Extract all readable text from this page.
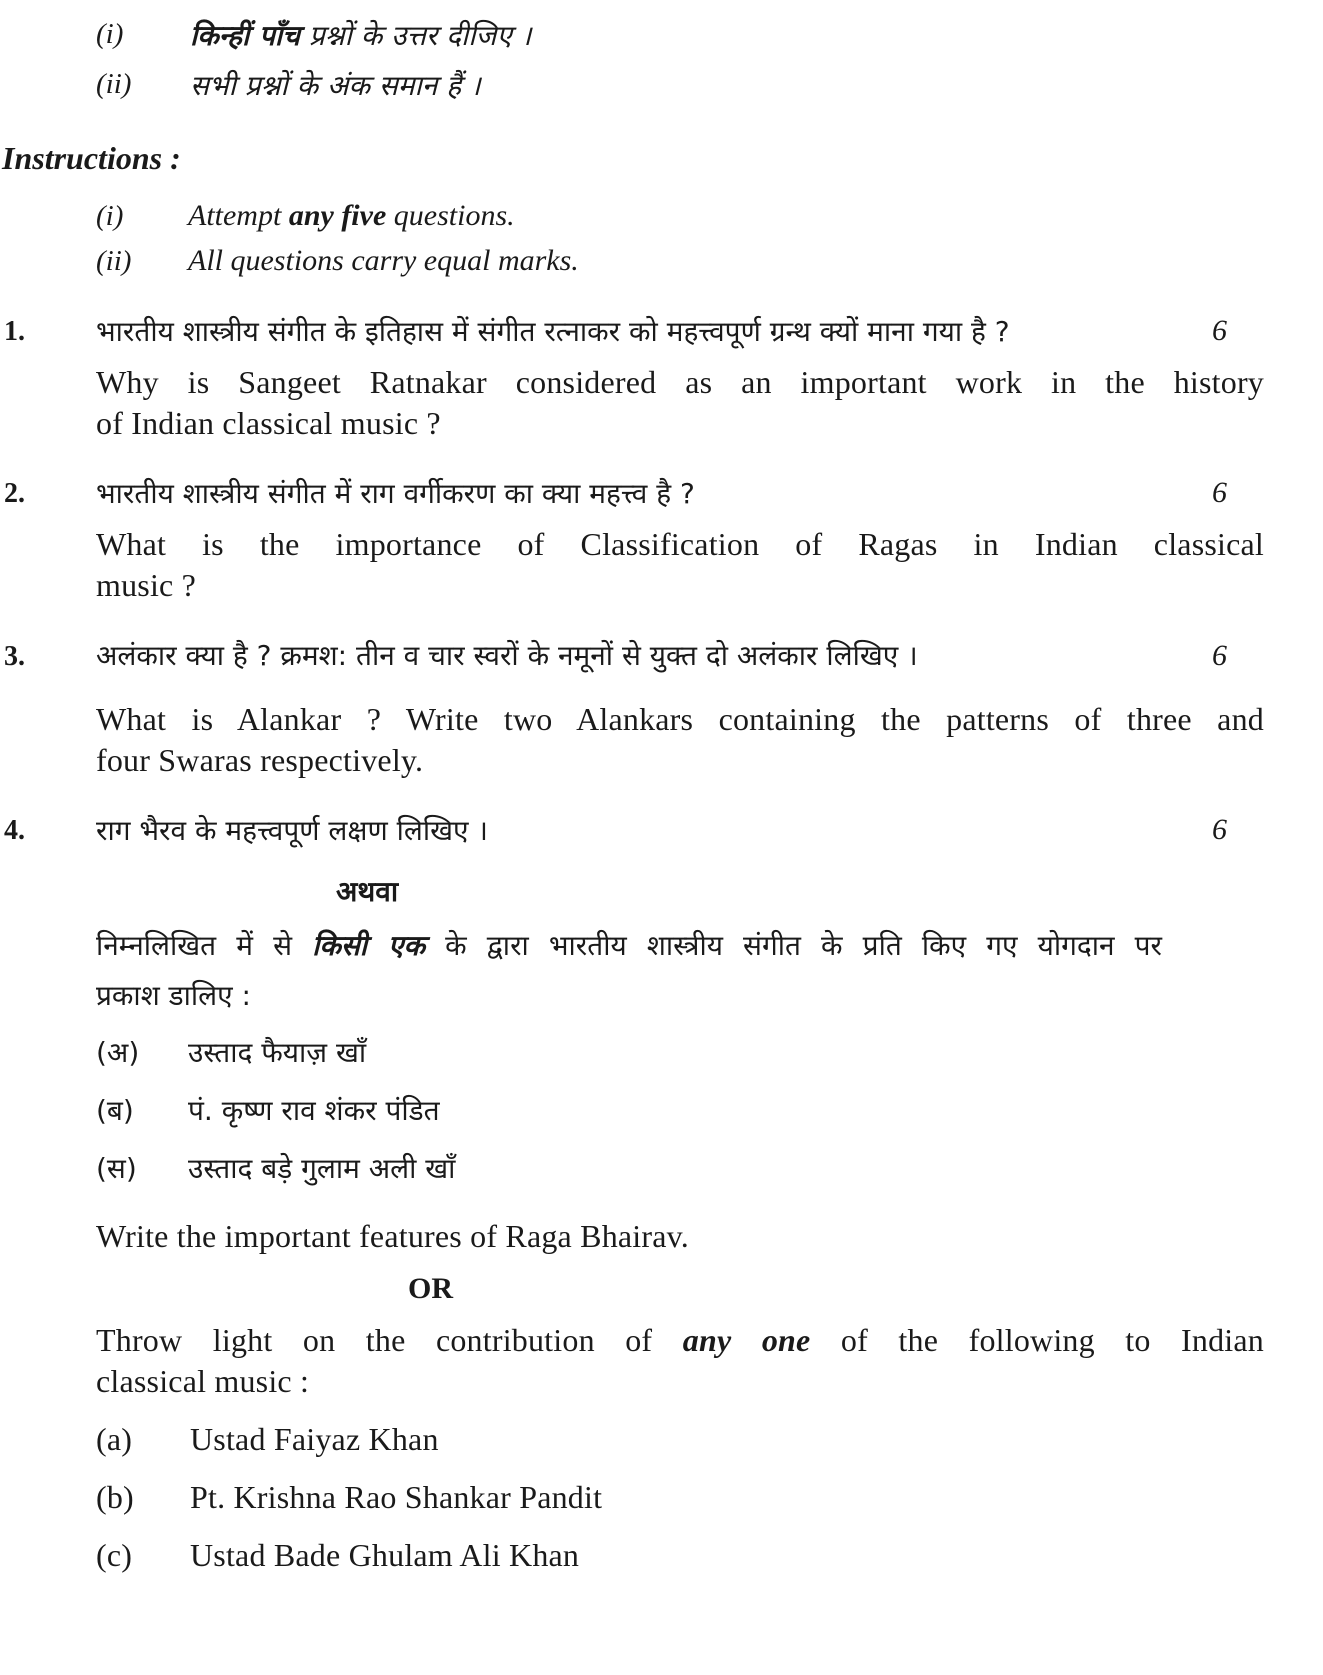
(i) किन्हीं पाँच प्रश्नों के उत्तर दीजिए ।
(ii) सभी प्रश्नों के अंक समान हैं ।
Instructions :
(i) Attempt any five questions.
(ii) All questions carry equal marks.
1.	भारतीय शास्त्रीय संगीत के इतिहास में संगीत रत्नाकर को महत्त्वपूर्ण ग्रन्थ क्यों माना गया है ?	6
Why is Sangeet Ratnakar considered as an important work in the history
of Indian classical music ?
2.	भारतीय शास्त्रीय संगीत में राग वर्गीकरण का क्या महत्त्व है ?	6
What is the importance of Classification of Ragas in Indian classical
music ?
3.	अलंकार क्या है ? क्रमश: तीन व चार स्वरों के नमूनों से युक्त दो अलंकार लिखिए ।	6
What is Alankar ? Write two Alankars containing the patterns of three and
four Swaras respectively.
4.	राग भैरव के महत्त्वपूर्ण लक्षण लिखिए ।	6
अथवा
निम्नलिखित में से किसी एक के द्वारा भारतीय शास्त्रीय संगीत के प्रति किए गए योगदान पर
प्रकाश डालिए :
(अ) उस्ताद फैयाज़ खाँ
(ब) पं. कृष्ण राव शंकर पंडित
(स) उस्ताद बड़े गुलाम अली खाँ
Write the important features of Raga Bhairav.
OR
Throw light on the contribution of any one of the following to Indian
classical music :
(a) Ustad Faiyaz Khan
(b) Pt. Krishna Rao Shankar Pandit
(c) Ustad Bade Ghulam Ali Khan
